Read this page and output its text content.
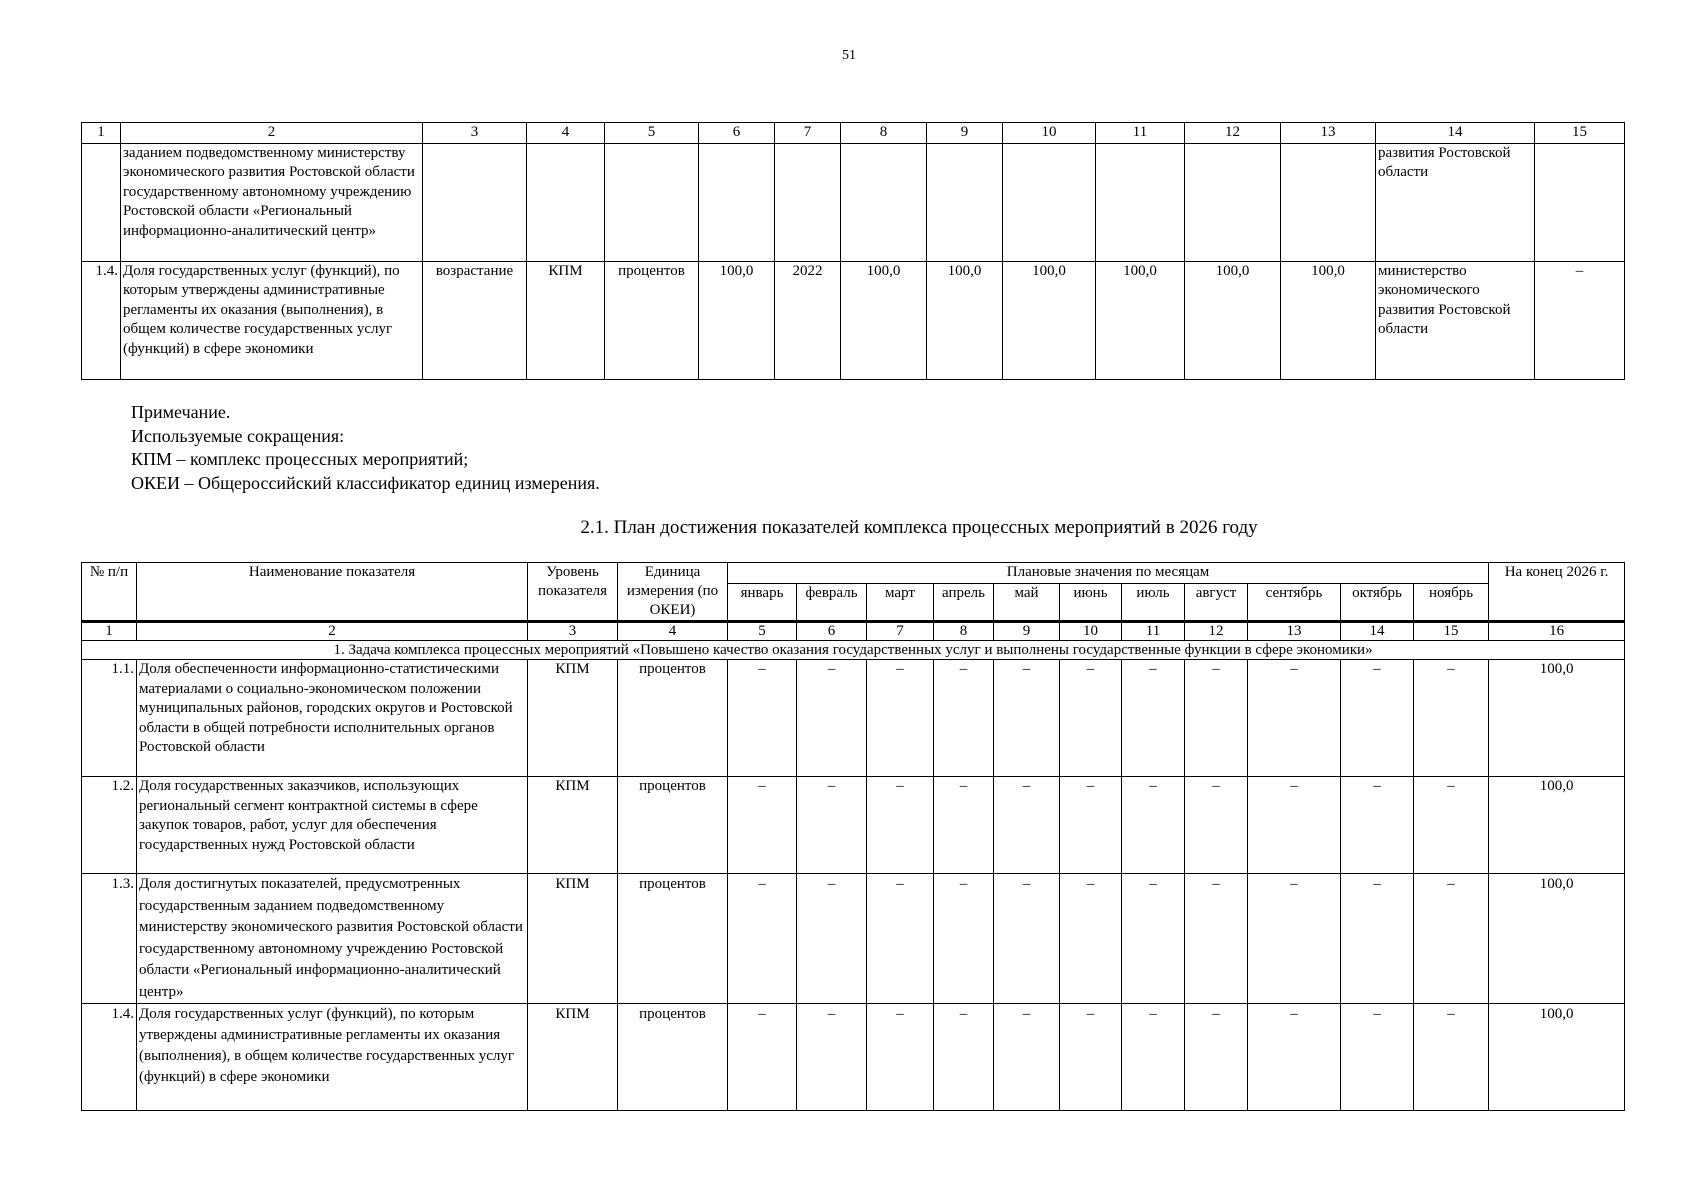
51
1	2	3	4	5	6	7	8	9	10	11	12	13	14	15
	заданием подведомственному министерству экономического развития Ростовской области государственному автономному учреждению Ростовской области «Региональный информационно-аналитический центр»												развития Ростовской области	
1.4.	Доля государственных услуг (функций), по которым утверждены административные регламенты их оказания (выполнения), в общем количестве государственных услуг (функций) в сфере экономики	возрастание	КПМ	процентов	100,0	2022	100,0	100,0	100,0	100,0	100,0	100,0	министерство экономического развития Ростовской области	–
Примечание.
Используемые сокращения:
КПМ – комплекс процессных мероприятий;
ОКЕИ – Общероссийский классификатор единиц измерения.
2.1. План достижения показателей комплекса процессных мероприятий в 2026 году
№ п/п	Наименование показателя	Уровень показателя	Единица измерения (по ОКЕИ)	Плановые значения по месяцам											На конец 2026 г.
				январь	февраль	март	апрель	май	июнь	июль	август	сентябрь	октябрь	ноябрь	
1	2	3	4	5	6	7	8	9	10	11	12	13	14	15	16
1. Задача комплекса процессных мероприятий «Повышено качество оказания государственных услуг и выполнены государственные функции в сфере экономики»															
1.1.	Доля обеспеченности информационно-статистическими материалами о социально-экономическом положении муниципальных районов, городских округов и Ростовской области в общей потребности исполнительных органов Ростовской области	КПМ	процентов	–	–	–	–	–	–	–	–	–	–	–	100,0
1.2.	Доля государственных заказчиков, использующих региональный сегмент контрактной системы в сфере закупок товаров, работ, услуг для обеспечения государственных нужд Ростовской области	КПМ	процентов	–	–	–	–	–	–	–	–	–	–	–	100,0
1.3.	Доля достигнутых показателей, предусмотренных государственным заданием подведомственному министерству экономического развития Ростовской области государственному автономному учреждению Ростовской области «Региональный информационно-аналитический центр»	КПМ	процентов	–	–	–	–	–	–	–	–	–	–	–	100,0
1.4.	Доля государственных услуг (функций), по которым утверждены административные регламенты их оказания (выполнения), в общем количестве государственных услуг (функций) в сфере экономики	КПМ	процентов	–	–	–	–	–	–	–	–	–	–	–	100,0
